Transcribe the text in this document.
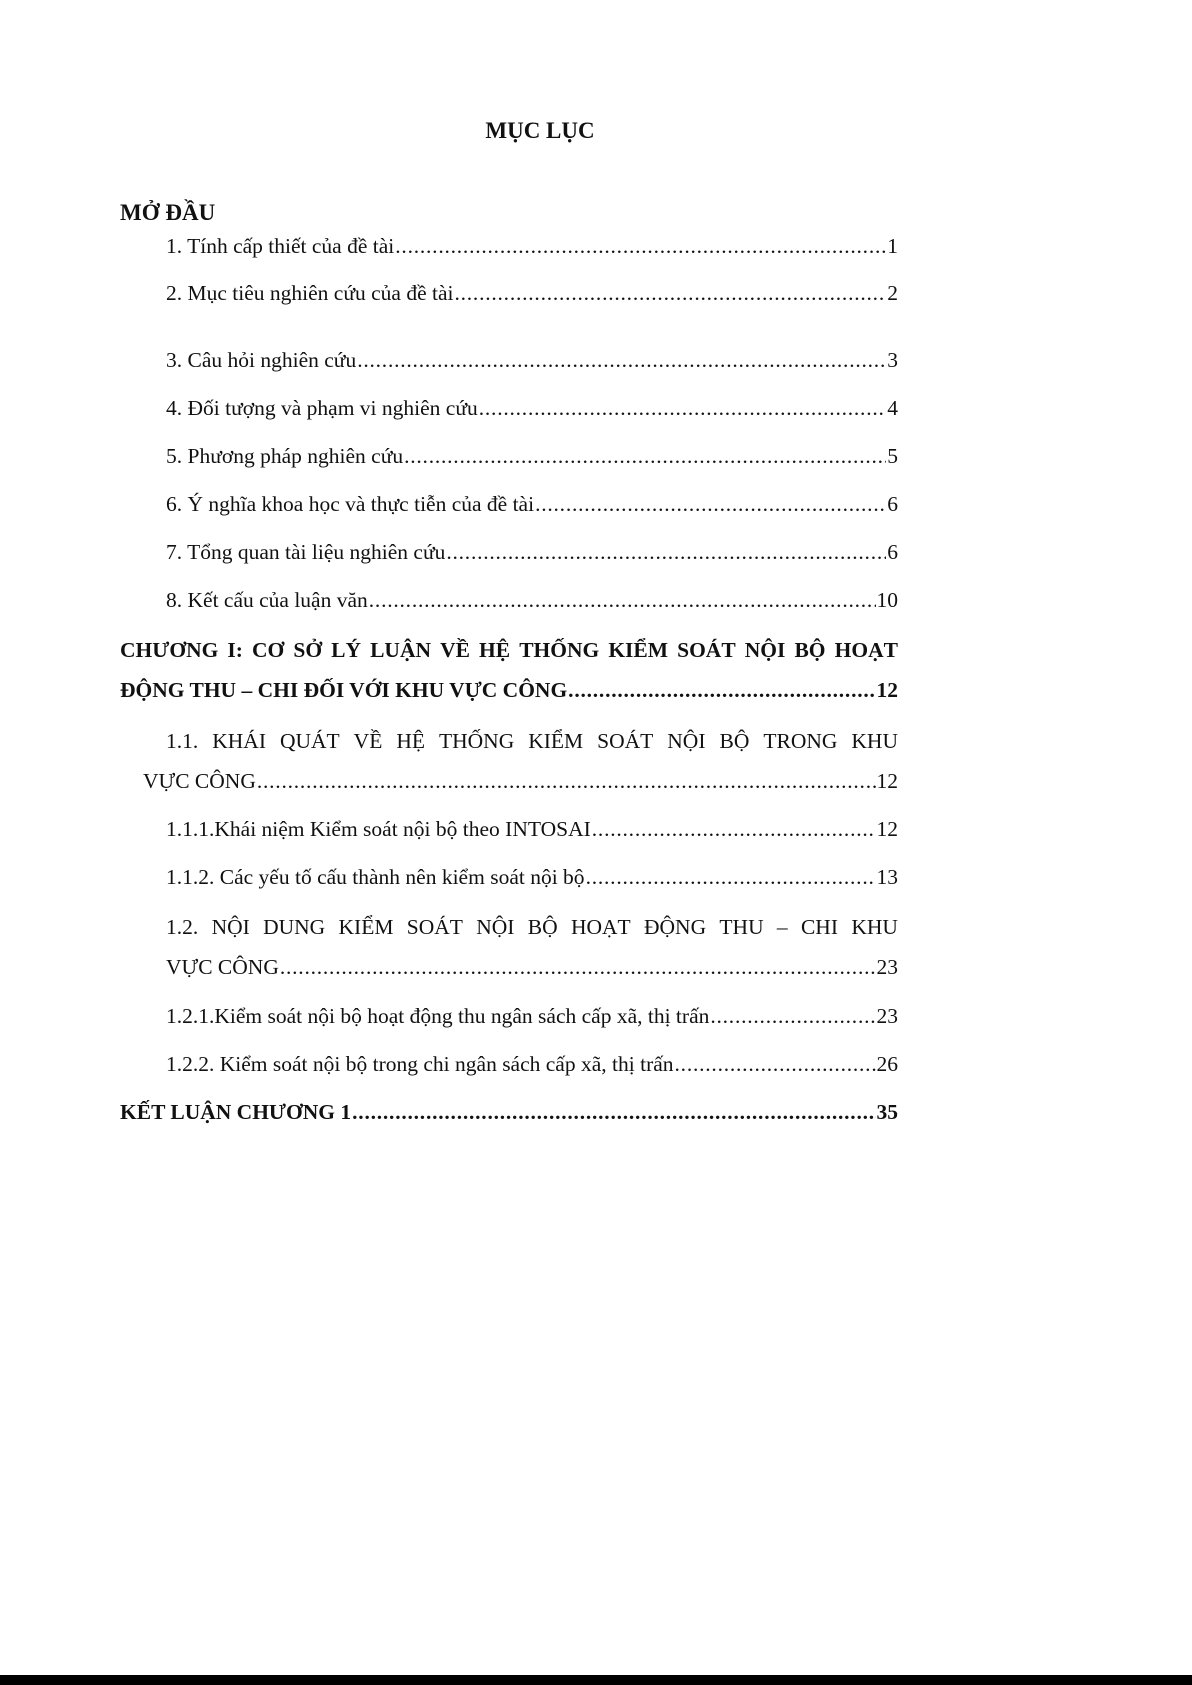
MỤC LỤC
MỞ ĐẦU
1. Tính cấp thiết của đề tài . . .	1
2. Mục tiêu nghiên cứu của đề tài . . .	2
3. Câu hỏi nghiên cứu . . .	3
4. Đối tượng và phạm vi nghiên cứu . . .	4
5. Phương pháp nghiên cứu . . .	5
6. Ý nghĩa khoa học và thực tiễn của đề tài . . .	6
7. Tổng quan tài liệu nghiên cứu . . .	6
8. Kết cấu của luận văn . . .	10
CHƯƠNG I: CƠ SỞ LÝ LUẬN VỀ HỆ THỐNG KIỂM SOÁT NỘI BỘ HOẠT
ĐỘNG THU – CHI ĐỐI VỚI KHU VỰC CÔNG . . .	12
1.1. KHÁI QUÁT VỀ HỆ THỐNG KIỂM SOÁT NỘI BỘ TRONG KHU
VỰC CÔNG . . .	12
1.1.1.Khái niệm Kiểm soát nội bộ theo INTOSAI . . .	12
1.1.2. Các yếu tố cấu thành nên kiểm soát nội bộ . . .	13
1.2. NỘI DUNG KIỂM SOÁT NỘI BỘ HOẠT ĐỘNG THU – CHI KHU
VỰC CÔNG . . .	23
1.2.1.Kiểm soát nội bộ hoạt động thu ngân sách cấp xã, thị trấn . . .	23
1.2.2. Kiểm soát nội bộ trong chi ngân sách cấp xã, thị trấn . . .	26
KẾT LUẬN CHƯƠNG 1 . . .	35
